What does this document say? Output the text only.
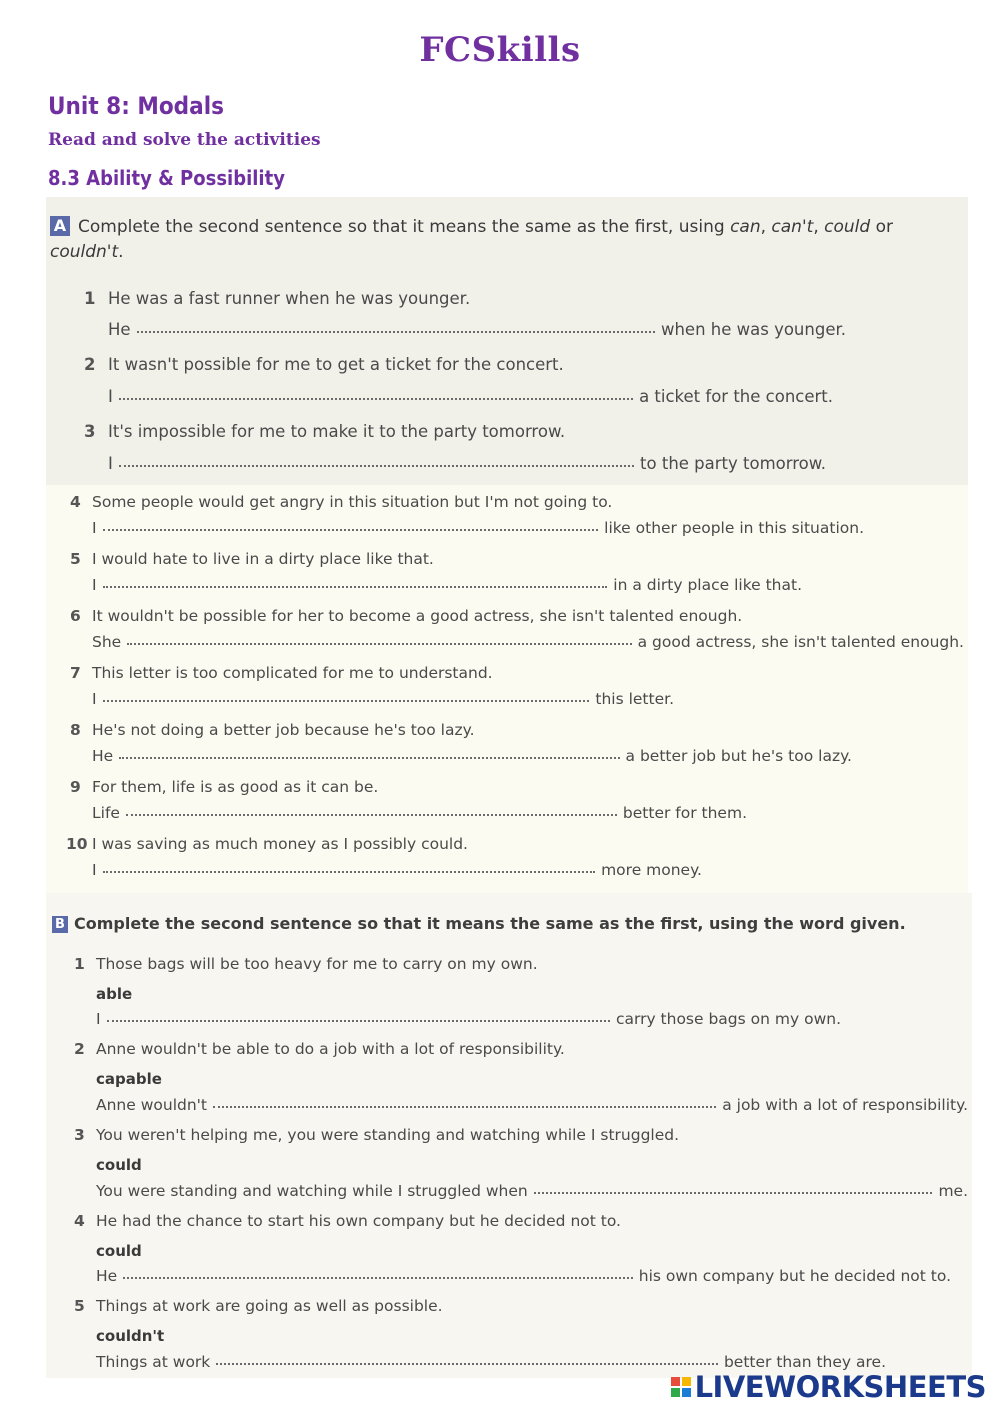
FCSkills
Unit 8: Modals
Read and solve the activities
8.3 Ability & Possibility
A Complete the second sentence so that it means the same as the first, using can, can't, could or couldn't.
1 He was a fast runner when he was younger.
He	when he was younger.
2 It wasn't possible for me to get a ticket for the concert.
I	a ticket for the concert.
3 It's impossible for me to make it to the party tomorrow.
I	to the party tomorrow.
4 Some people would get angry in this situation but I'm not going to.
I	like other people in this situation.
5 I would hate to live in a dirty place like that.
I	in a dirty place like that.
6 It wouldn't be possible for her to become a good actress, she isn't talented enough.
She	a good actress, she isn't talented enough.
7 This letter is too complicated for me to understand.
I	this letter.
8 He's not doing a better job because he's too lazy.
He	a better job but he's too lazy.
9 For them, life is as good as it can be.
Life	better for them.
10 I was saving as much money as I possibly could.
I	more money.
B Complete the second sentence so that it means the same as the first, using the word given.
1 Those bags will be too heavy for me to carry on my own.
able
I	carry those bags on my own.
2 Anne wouldn't be able to do a job with a lot of responsibility.
capable
Anne wouldn't	a job with a lot of responsibility.
3 You weren't helping me, you were standing and watching while I struggled.
could
You were standing and watching while I struggled when	me.
4 He had the chance to start his own company but he decided not to.
could
He	his own company but he decided not to.
5 Things at work are going as well as possible.
couldn't
Things at work	better than they are.
LIVEWORKSHEETS
